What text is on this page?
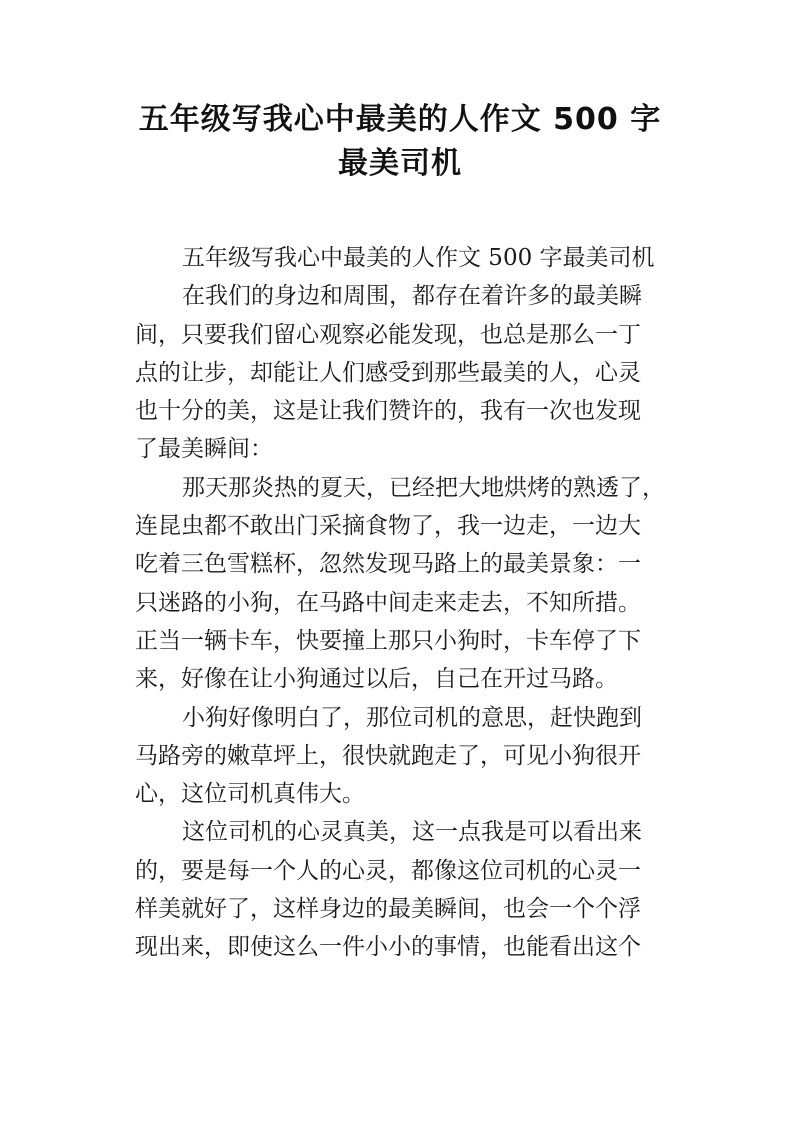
五年级写我心中最美的人作文 500 字
最美司机
五年级写我心中最美的人作文 500 字最美司机
在我们的身边和周围，都存在着许多的最美瞬
间，只要我们留心观察必能发现，也总是那么一丁
点的让步，却能让人们感受到那些最美的人，心灵
也十分的美，这是让我们赞许的，我有一次也发现
了最美瞬间：
那天那炎热的夏天，已经把大地烘烤的熟透了，
连昆虫都不敢出门采摘食物了，我一边走，一边大
吃着三色雪糕杯，忽然发现马路上的最美景象：一
只迷路的小狗，在马路中间走来走去，不知所措。
正当一辆卡车，快要撞上那只小狗时，卡车停了下
来，好像在让小狗通过以后，自己在开过马路。
小狗好像明白了，那位司机的意思，赶快跑到
马路旁的嫩草坪上，很快就跑走了，可见小狗很开
心，这位司机真伟大。
这位司机的心灵真美，这一点我是可以看出来
的，要是每一个人的心灵，都像这位司机的心灵一
样美就好了，这样身边的最美瞬间，也会一个个浮
现出来，即使这么一件小小的事情，也能看出这个
